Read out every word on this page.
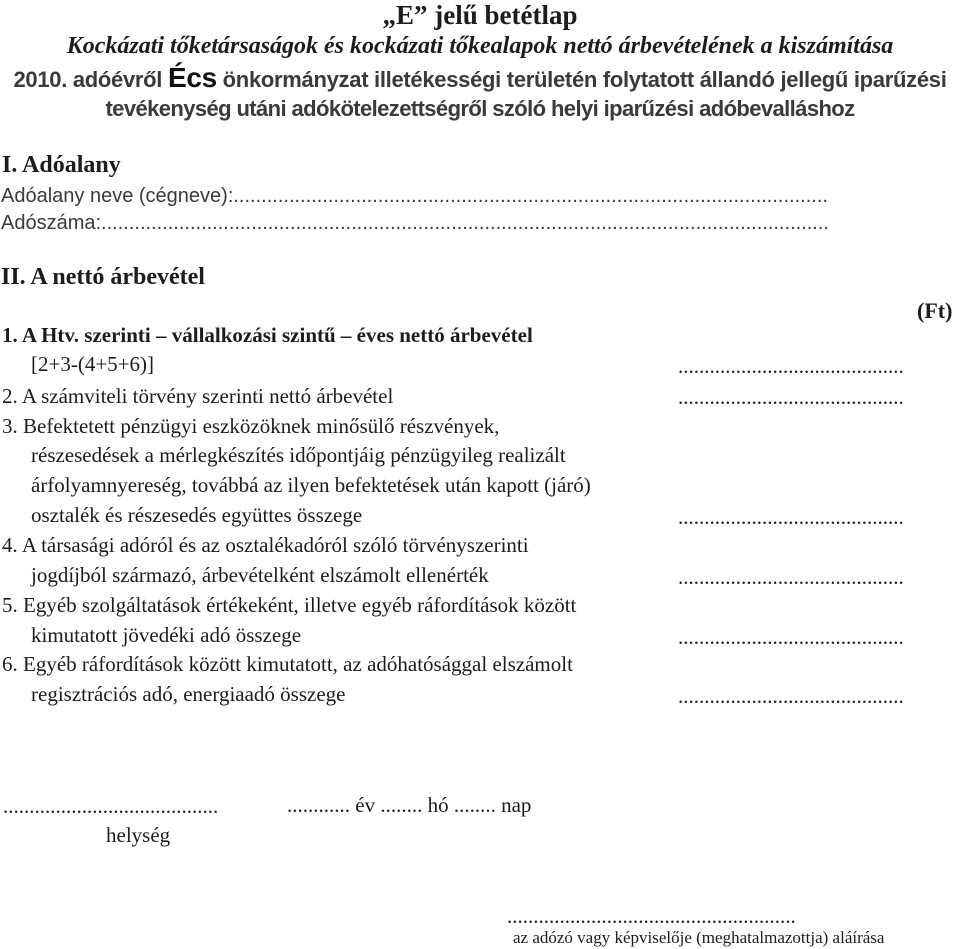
„E” jelű betétlap
Kockázati tőketársaságok és kockázati tőkealapok nettó árbevételének a kiszámítása
2010. adóévről Écs önkormányzat illetékességi területén folytatott állandó jellegű iparűzési
tevékenység utáni adókötelezettségről szóló helyi iparűzési adóbevalláshoz
I. Adóalany
Adóalany neve (cégneve):...........................................................................................................
Adószáma:...................................................................................................................................
II. A nettó árbevétel
(Ft)
1. A Htv. szerinti – vállalkozási szintű – éves nettó árbevétel
[2+3-(4+5+6)]	...........................................
2. A számviteli törvény szerinti nettó árbevétel	...........................................
3. Befektetett pénzügyi eszközöknek minősülő részvények,
részesedések a mérlegkészítés időpontjáig pénzügyileg realizált
árfolyamnyereség, továbbá az ilyen befektetések után kapott (járó)
osztalék és részesedés együttes összege	...........................................
4. A társasági adóról és az osztalékadóról szóló törvényszerinti
jogdíjból származó, árbevételként elszámolt ellenérték	...........................................
5. Egyéb szolgáltatások értékeként, illetve egyéb ráfordítások között
kimutatott jövedéki adó összege	...........................................
6. Egyéb ráfordítások között kimutatott, az adóhatósággal elszámolt
regisztrációs adó, energiaadó összege	...........................................
.........................................	............ év ........ hó ........ nap
helység
.......................................................
az adózó vagy képviselője (meghatalmazottja) aláírása
